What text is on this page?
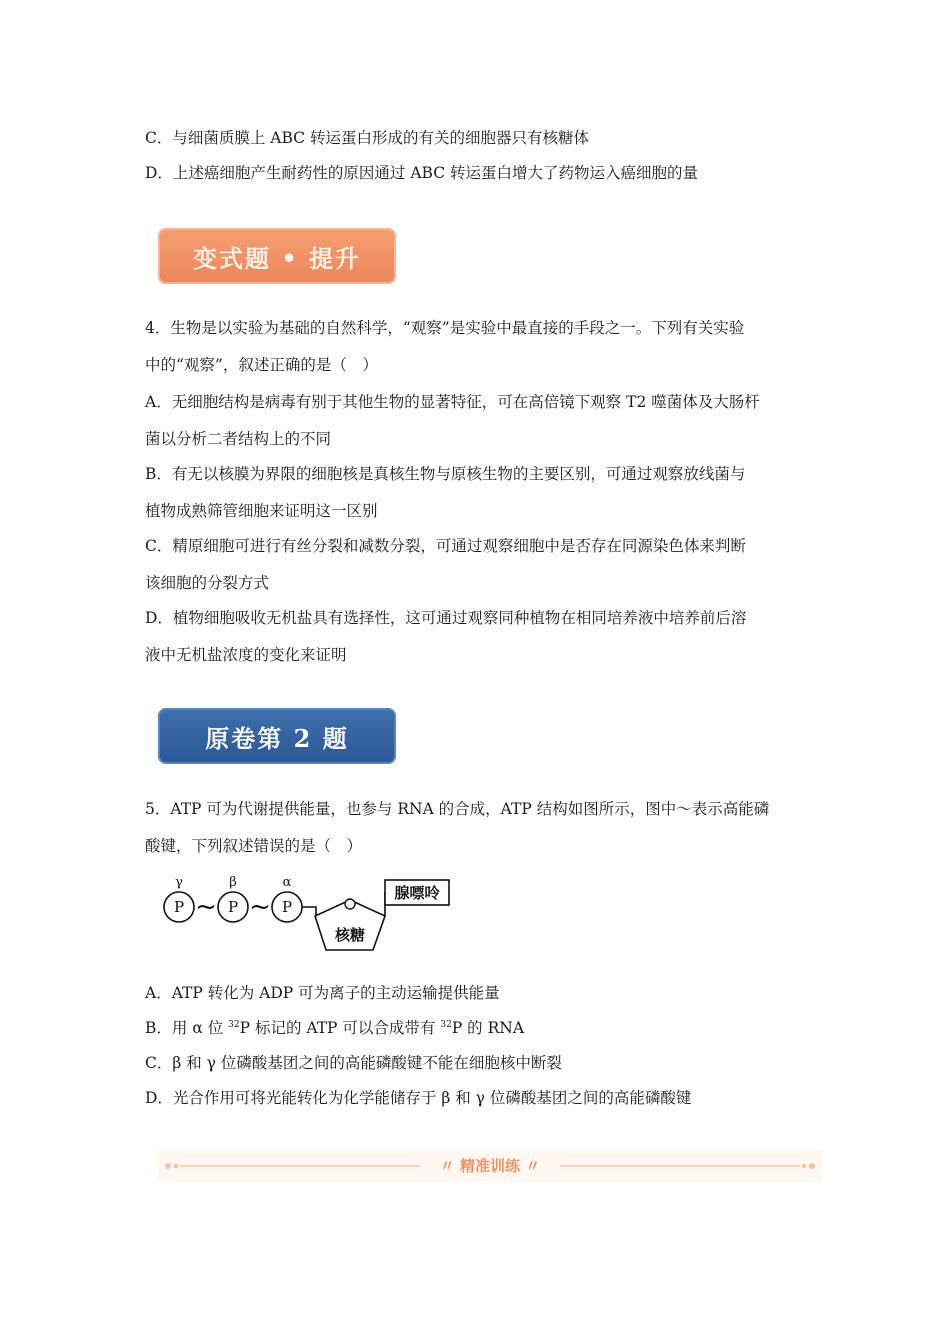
C．与细菌质膜上 ABC 转运蛋白形成的有关的细胞器只有核糖体
D．上述癌细胞产生耐药性的原因通过 ABC 转运蛋白增大了药物运入癌细胞的量
变式题 • 提升
4．生物是以实验为基础的自然科学，“观察”是实验中最直接的手段之一。下列有关实验
中的“观察”，叙述正确的是（　）
A．无细胞结构是病毒有别于其他生物的显著特征，可在高倍镜下观察 T2 噬菌体及大肠杆
菌以分析二者结构上的不同
B．有无以核膜为界限的细胞核是真核生物与原核生物的主要区别，可通过观察放线菌与
植物成熟筛管细胞来证明这一区别
C．精原细胞可进行有丝分裂和减数分裂，可通过观察细胞中是否存在同源染色体来判断
该细胞的分裂方式
D．植物细胞吸收无机盐具有选择性，这可通过观察同种植物在相同培养液中培养前后溶
液中无机盐浓度的变化来证明
原卷第 2 题
5．ATP 可为代谢提供能量，也参与 RNA 的合成，ATP 结构如图所示，图中～表示高能磷
酸键，下列叙述错误的是（　）
γ	β	α
P	P	P
~ ~
核糖
腺嘌呤
A．ATP 转化为 ADP 可为离子的主动运输提供能量
B．用 α 位 $^{32}$P 标记的 ATP 可以合成带有 $^{32}$P 的 RNA
C．β 和 γ 位磷酸基团之间的高能磷酸键不能在细胞核中断裂
D．光合作用可将光能转化为化学能储存于 β 和 γ 位磷酸基团之间的高能磷酸键
〃 精准训练 〃
